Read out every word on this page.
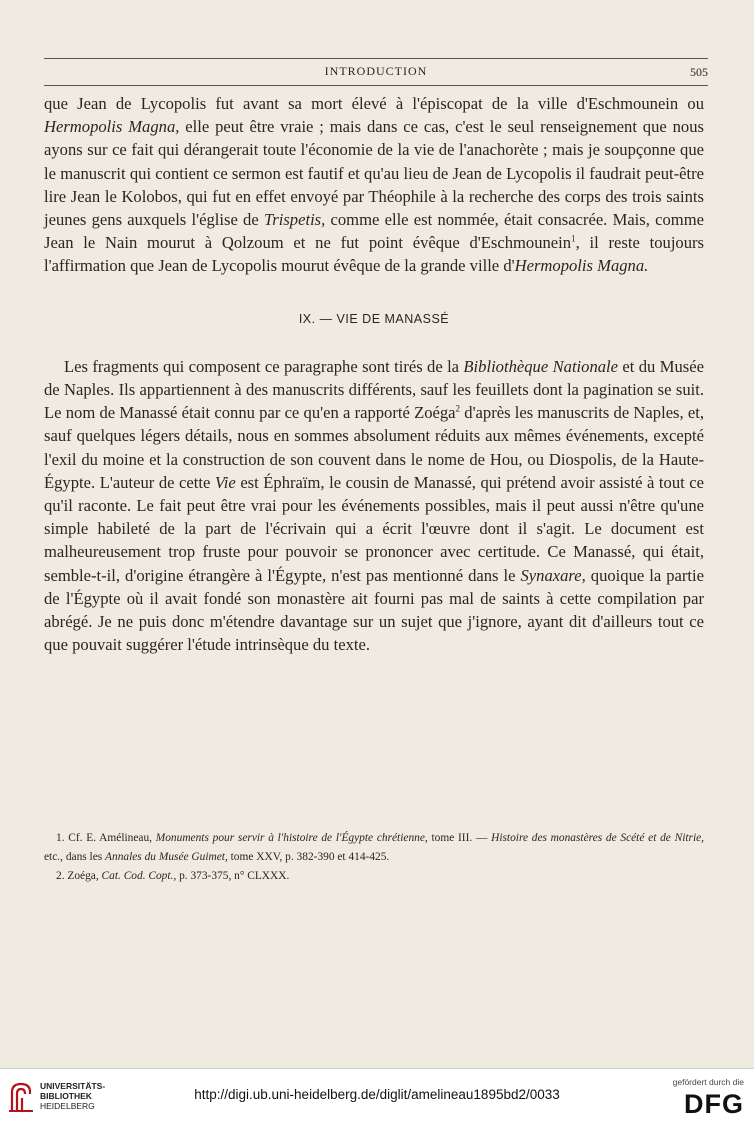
INTRODUCTION	505

que Jean de Lycopolis fut avant sa mort élevé à l'épiscopat de la ville d'Eschmounein ou Hermopolis Magna, elle peut être vraie ; mais dans ce cas, c'est le seul renseignement que nous ayons sur ce fait qui dérangerait toute l'économie de la vie de l'anachorète ; mais je soupçonne que le manuscrit qui contient ce sermon est fautif et qu'au lieu de Jean de Lycopolis il faudrait peut-être lire Jean le Kolobos, qui fut en effet envoyé par Théophile à la recherche des corps des trois saints jeunes gens auxquels l'église de Trispetis, comme elle est nommée, était consacrée. Mais, comme Jean le Nain mourut à Qolzoum et ne fut point évêque d'Eschmounein$^1$, il reste toujours l'affirmation que Jean de Lycopolis mourut évêque de la grande ville d'Hermopolis Magna.

IX. — VIE DE MANASSÉ

Les fragments qui composent ce paragraphe sont tirés de la Bibliothèque Nationale et du Musée de Naples. Ils appartiennent à des manuscrits différents, sauf les feuillets dont la pagination se suit. Le nom de Manassé était connu par ce qu'en a rapporté Zoéga$^2$ d'après les manuscrits de Naples, et, sauf quelques légers détails, nous en sommes absolument réduits aux mêmes événements, excepté l'exil du moine et la construction de son couvent dans le nome de Hou, ou Diospolis, de la Haute-Égypte. L'auteur de cette Vie est Éphraïm, le cousin de Manassé, qui prétend avoir assisté à tout ce qu'il raconte. Le fait peut être vrai pour les événements possibles, mais il peut aussi n'être qu'une simple habileté de la part de l'écrivain qui a écrit l'œuvre dont il s'agit. Le document est malheureusement trop fruste pour pouvoir se prononcer avec certitude. Ce Manassé, qui était, semble-t-il, d'origine étrangère à l'Égypte, n'est pas mentionné dans le Synaxare, quoique la partie de l'Égypte où il avait fondé son monastère ait fourni pas mal de saints à cette compilation par abrégé. Je ne puis donc m'étendre davantage sur un sujet que j'ignore, ayant dit d'ailleurs tout ce que pouvait suggérer l'étude intrinsèque du texte.

1. Cf. E. Amélineau, Monuments pour servir à l'histoire de l'Égypte chrétienne, tome III. — Histoire des monastères de Scété et de Nitrie, etc., dans les Annales du Musée Guimet, tome XXV, p. 382-390 et 414-425.

2. Zoéga, Cat. Cod. Copt., p. 373-375, n° CLXXX.

UNIVERSITÄTS-
BIBLIOTHEK
HEIDELBERG
http://digi.ub.uni-heidelberg.de/diglit/amelineau1895bd2/0033
gefördert durch die
DFG
